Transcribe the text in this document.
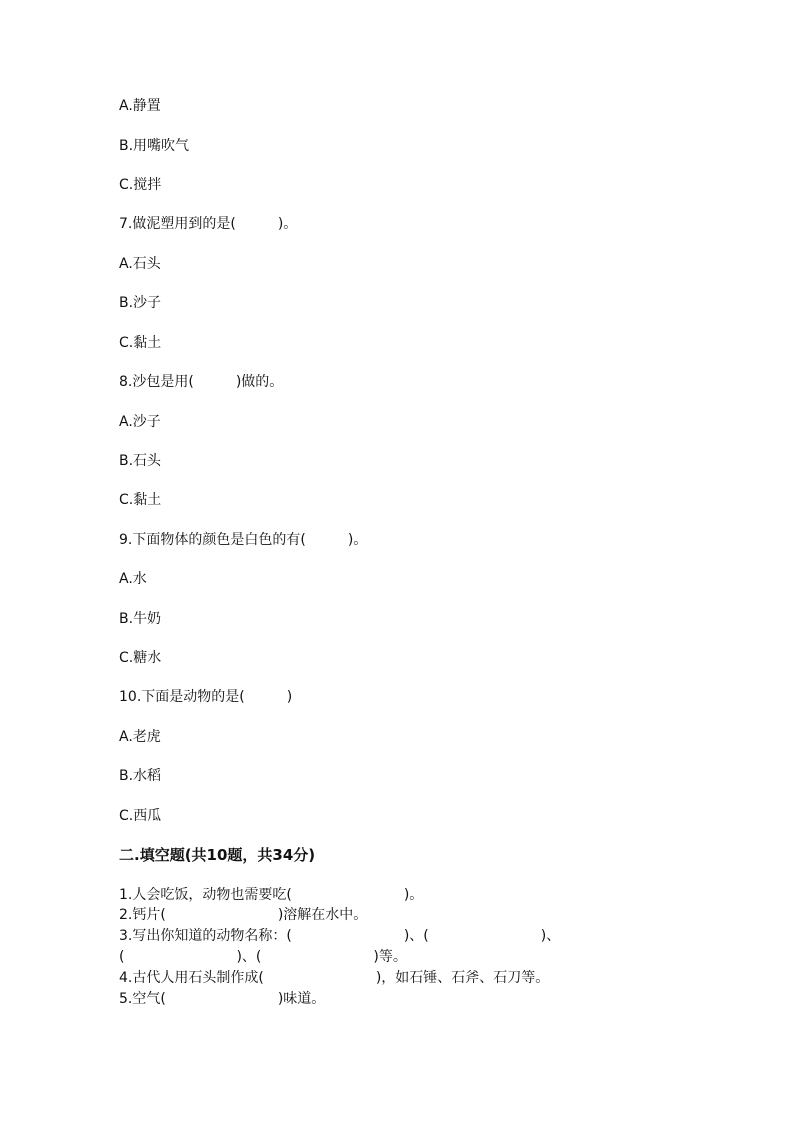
A.静置
B.用嘴吹气
C.搅拌
7.做泥塑用到的是(　　　)。
A.石头
B.沙子
C.黏土
8.沙包是用(　　　)做的。
A.沙子
B.石头
C.黏土
9.下面物体的颜色是白色的有(　　　)。
A.水
B.牛奶
C.糖水
10.下面是动物的是(　　　)
A.老虎
B.水稻
C.西瓜
二.填空题(共10题，共34分)
1.人会吃饭，动物也需要吃(　　　　　　　　)。
2.钙片(　　　　　　　　)溶解在水中。
3.写出你知道的动物名称：(　　　　　　　　)、(　　　　　　　　)、
(　　　　　　　　)、(　　　　　　　　)等。
4.古代人用石头制作成(　　　　　　　　)，如石锤、石斧、石刀等。
5.空气(　　　　　　　　)味道。
